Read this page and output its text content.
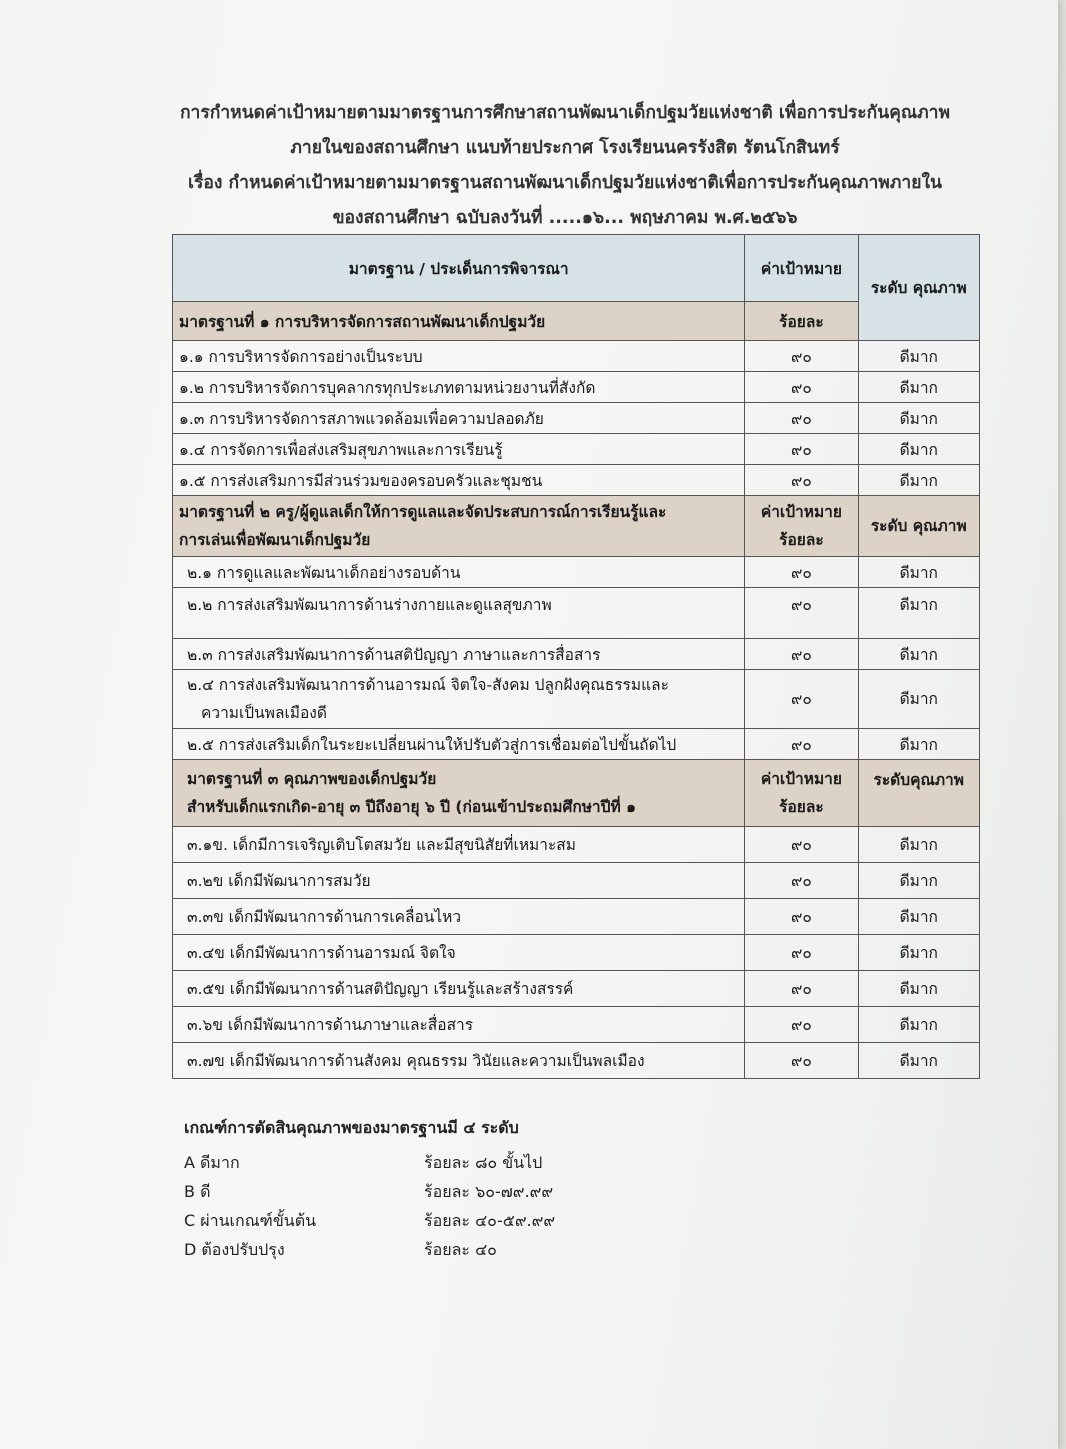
การกำหนดค่าเป้าหมายตามมาตรฐานการศึกษาสถานพัฒนาเด็กปฐมวัยแห่งชาติ เพื่อการประกันคุณภาพ
ภายในของสถานศึกษา แนบท้ายประกาศ โรงเรียนนครรังสิต รัตนโกสินทร์
เรื่อง กำหนดค่าเป้าหมายตามมาตรฐานสถานพัฒนาเด็กปฐมวัยแห่งชาติเพื่อการประกันคุณภาพภายใน
ของสถานศึกษา ฉบับลงวันที่ .....๑๖... พฤษภาคม พ.ศ.๒๕๖๖
มาตรฐาน / ประเด็นการพิจารณา	ค่าเป้าหมาย	ระดับ คุณภาพ
มาตรฐานที่ ๑ การบริหารจัดการสถานพัฒนาเด็กปฐมวัย	ร้อยละ	
๑.๑ การบริหารจัดการอย่างเป็นระบบ	๙๐	ดีมาก
๑.๒ การบริหารจัดการบุคลากรทุกประเภทตามหน่วยงานที่สังกัด	๙๐	ดีมาก
๑.๓ การบริหารจัดการสภาพแวดล้อมเพื่อความปลอดภัย	๙๐	ดีมาก
๑.๔ การจัดการเพื่อส่งเสริมสุขภาพและการเรียนรู้	๙๐	ดีมาก
๑.๕ การส่งเสริมการมีส่วนร่วมของครอบครัวและชุมชน	๙๐	ดีมาก

มาตรฐานที่ ๒ ครู/ผู้ดูแลเด็กให้การดูแลและจัดประสบการณ์การเรียนรู้และ
การเล่นเพื่อพัฒนาเด็กปฐมวัย	ค่าเป้าหมาย ร้อยละ	ระดับ คุณภาพ
๒.๑ การดูแลและพัฒนาเด็กอย่างรอบด้าน	๙๐	ดีมาก
๒.๒ การส่งเสริมพัฒนาการด้านร่างกายและดูแลสุขภาพ	๙๐	ดีมาก
๒.๓ การส่งเสริมพัฒนาการด้านสติปัญญา ภาษาและการสื่อสาร	๙๐	ดีมาก

๒.๔ การส่งเสริมพัฒนาการด้านอารมณ์ จิตใจ-สังคม ปลูกฝังคุณธรรมและ
ความเป็นพลเมืองดี	๙๐	ดีมาก
๒.๕ การส่งเสริมเด็กในระยะเปลี่ยนผ่านให้ปรับตัวสู่การเชื่อมต่อไปขั้นถัดไป	๙๐	ดีมาก

มาตรฐานที่ ๓ คุณภาพของเด็กปฐมวัย
สำหรับเด็กแรกเกิด-อายุ ๓ ปีถึงอายุ ๖ ปี (ก่อนเข้าประถมศึกษาปีที่ ๑	ค่าเป้าหมาย ร้อยละ	ระดับคุณภาพ
๓.๑ข. เด็กมีการเจริญเติบโตสมวัย และมีสุขนิสัยที่เหมาะสม	๙๐	ดีมาก
๓.๒ข เด็กมีพัฒนาการสมวัย	๙๐	ดีมาก
๓.๓ข เด็กมีพัฒนาการด้านการเคลื่อนไหว	๙๐	ดีมาก
๓.๔ข เด็กมีพัฒนาการด้านอารมณ์ จิตใจ	๙๐	ดีมาก
๓.๕ข เด็กมีพัฒนาการด้านสติปัญญา เรียนรู้และสร้างสรรค์	๙๐	ดีมาก
๓.๖ข เด็กมีพัฒนาการด้านภาษาและสื่อสาร	๙๐	ดีมาก
๓.๗ข เด็กมีพัฒนาการด้านสังคม คุณธรรม วินัยและความเป็นพลเมือง	๙๐	ดีมาก
เกณฑ์การตัดสินคุณภาพของมาตรฐานมี ๔ ระดับ
A ดีมาก	ร้อยละ ๘๐ ขั้นไป
B ดี	ร้อยละ ๖๐-๗๙.๙๙
C ผ่านเกณฑ์ขั้นต้น	ร้อยละ ๔๐-๕๙.๙๙
D ต้องปรับปรุง	ร้อยละ ๔๐
